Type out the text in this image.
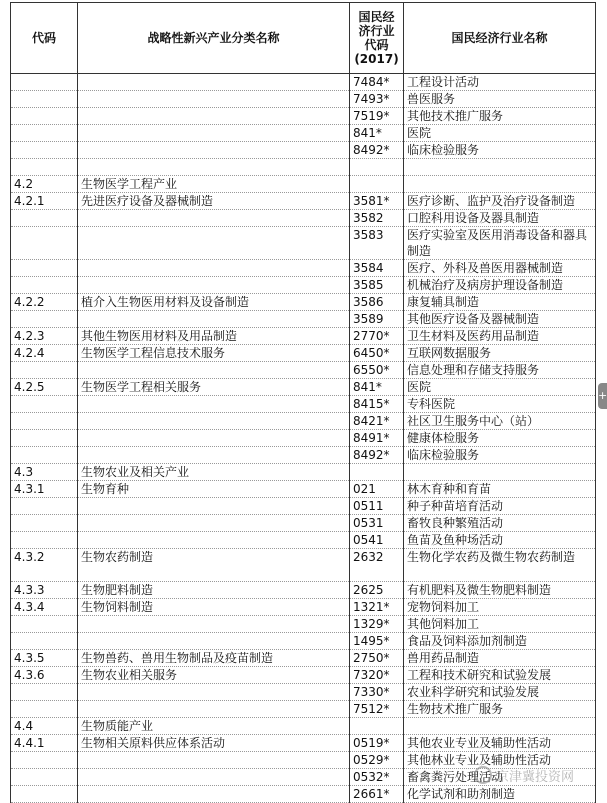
代码	战略性新兴产业分类名称	国民经济行业代码(2017)	国民经济行业名称
		7484*	工程设计活动
		7493*	兽医服务
		7519*	其他技术推广服务
		841*	医院
		8492*	临床检验服务

4.2	生物医学工程产业		
4.2.1	先进医疗设备及器械制造	3581*	医疗诊断、监护及治疗设备制造
		3582	口腔科用设备及器具制造
		3583	医疗实验室及医用消毒设备和器具制造
		3584	医疗、外科及兽医用器械制造
		3585	机械治疗及病房护理设备制造
4.2.2	植介入生物医用材料及设备制造	3586	康复辅具制造
		3589	其他医疗设备及器械制造
4.2.3	其他生物医用材料及用品制造	2770*	卫生材料及医药用品制造
4.2.4	生物医学工程信息技术服务	6450*	互联网数据服务
		6550*	信息处理和存储支持服务
4.2.5	生物医学工程相关服务	841*	医院
		8415*	专科医院
		8421*	社区卫生服务中心（站）
		8491*	健康体检服务
		8492*	临床检验服务
4.3	生物农业及相关产业		
4.3.1	生物育种	021	林木育种和育苗
		0511	种子种苗培育活动
		0531	畜牧良种繁殖活动
		0541	鱼苗及鱼种场活动
4.3.2	生物农药制造	2632	生物化学农药及微生物农药制造
4.3.3	生物肥料制造	2625	有机肥料及微生物肥料制造
4.3.4	生物饲料制造	1321*	宠物饲料加工
		1329*	其他饲料加工
		1495*	食品及饲料添加剂制造
4.3.5	生物兽药、兽用生物制品及疫苗制造	2750*	兽用药品制造
4.3.6	生物农业相关服务	7320*	工程和技术研究和试验发展
		7330*	农业科学研究和试验发展
		7512*	生物技术推广服务
4.4	生物质能产业		
4.4.1	生物相关原料供应体系活动	0519*	其他农业专业及辅助性活动
		0529*	其他林业专业及辅助性活动
		0532*	畜禽粪污处理活动
		2661*	化学试剂和助剂制造
+
京津冀投资网
